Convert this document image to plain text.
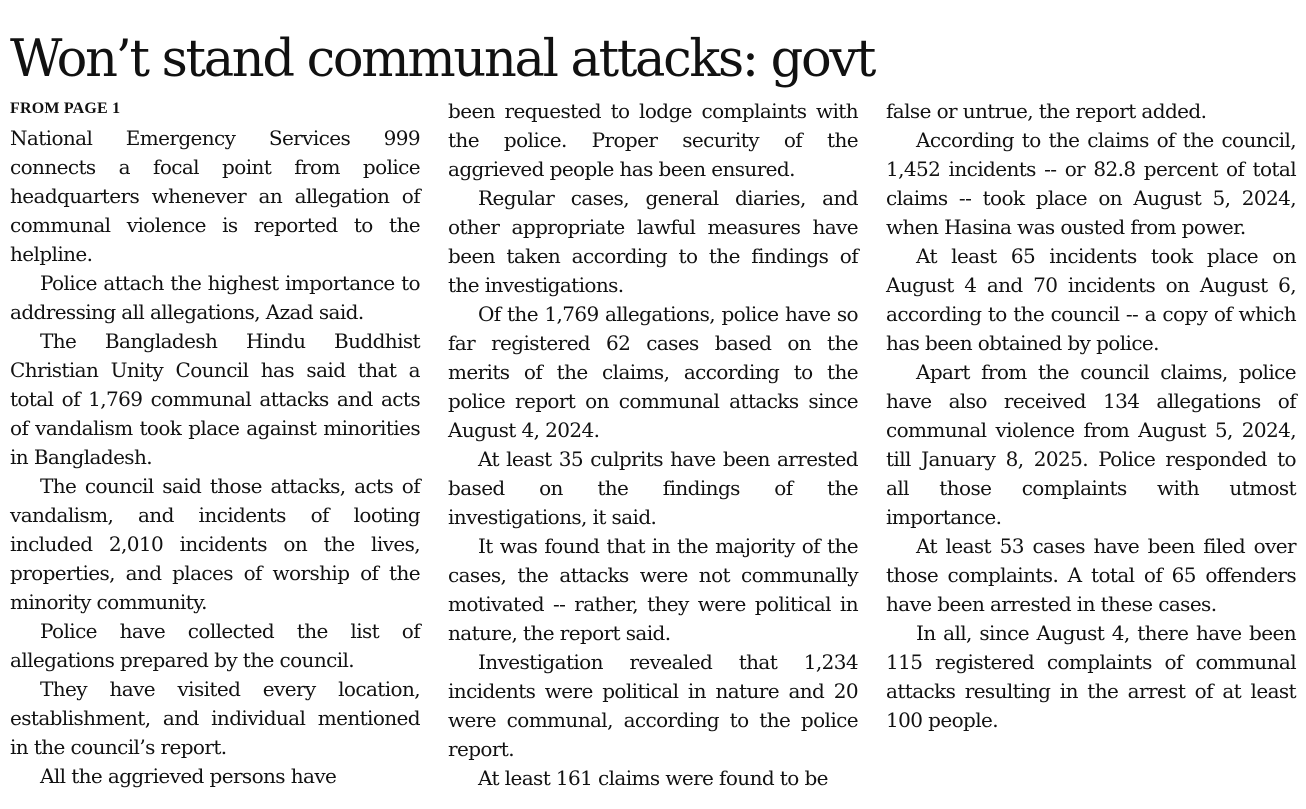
Won’t stand communal attacks: govt
FROM PAGE 1

National Emergency Services 999 connects a focal point from police headquarters whenever an allegation of communal violence is reported to the helpline.

Police attach the highest importance to addressing all allegations, Azad said.

The Bangladesh Hindu Buddhist Christian Unity Council has said that a total of 1,769 communal attacks and acts of vandalism took place against minorities in Bangladesh.

The council said those attacks, acts of vandalism, and incidents of looting included 2,010 incidents on the lives, properties, and places of worship of the minority community.

Police have collected the list of allegations prepared by the council.

They have visited every location, establishment, and individual mentioned in the council’s report.

All the aggrieved persons have

been requested to lodge complaints with the police. Proper security of the aggrieved people has been ensured.

Regular cases, general diaries, and other appropriate lawful measures have been taken according to the findings of the investigations.

Of the 1,769 allegations, police have so far registered 62 cases based on the merits of the claims, according to the police report on communal attacks since August 4, 2024.

At least 35 culprits have been arrested based on the findings of the investigations, it said.

It was found that in the majority of the cases, the attacks were not communally motivated -- rather, they were political in nature, the report said.

Investigation revealed that 1,234 incidents were political in nature and 20 were communal, according to the police report.

At least 161 claims were found to be

false or untrue, the report added.

According to the claims of the council, 1,452 incidents -- or 82.8 percent of total claims -- took place on August 5, 2024, when Hasina was ousted from power.

At least 65 incidents took place on August 4 and 70 incidents on August 6, according to the council -- a copy of which has been obtained by police.

Apart from the council claims, police have also received 134 allegations of communal violence from August 5, 2024, till January 8, 2025. Police responded to all those complaints with utmost importance.

At least 53 cases have been filed over those complaints. A total of 65 offenders have been arrested in these cases.

In all, since August 4, there have been 115 registered complaints of communal attacks resulting in the arrest of at least 100 people.
